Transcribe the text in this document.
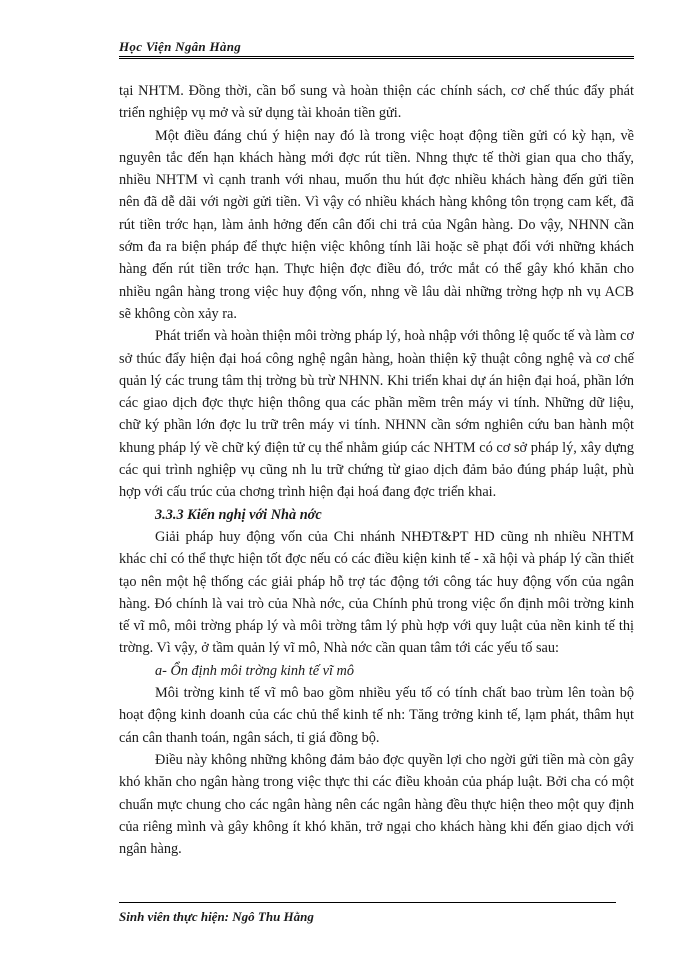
Học Viện Ngân Hàng

tại NHTM. Đồng thời, cần bổ sung và hoàn thiện các chính sách, cơ chế thúc đẩy phát triển nghiệp vụ mở và sử dụng tài khoản tiền gửi.

Một điều đáng chú ý hiện nay đó là trong việc hoạt động tiền gửi có kỳ hạn, về nguyên tắc đến hạn khách hàng mới đợc rút tiền. Nhng thực tế thời gian qua cho thấy, nhiều NHTM vì cạnh tranh với nhau, muốn thu hút đợc nhiều khách hàng đến gửi tiền nên đã dễ dãi với ngời gửi tiền. Vì vậy có nhiều khách hàng không tôn trọng cam kết, đã rút tiền trớc hạn, làm ảnh hởng đến cân đối chi trả của Ngân hàng. Do vậy, NHNN cần sớm đa ra biện pháp để thực hiện việc không tính lãi hoặc sẽ phạt đối với những khách hàng đến rút tiền trớc hạn. Thực hiện đợc điều đó, trớc mắt có thể gây khó khăn cho nhiều ngân hàng trong việc huy động vốn, nhng về lâu dài những trờng hợp nh vụ ACB sẽ không còn xảy ra.

Phát triển và hoàn thiện môi trờng pháp lý, hoà nhập với thông lệ quốc tế và làm cơ sở thúc đẩy hiện đại hoá công nghệ ngân hàng, hoàn thiện kỹ thuật công nghệ và cơ chế quản lý các trung tâm thị trờng bù trừ NHNN. Khi triển khai dự án hiện đại hoá, phần lớn các giao dịch đợc thực hiện thông qua các phần mềm trên máy vi tính. Những dữ liệu, chữ ký phần lớn đợc lu trữ trên máy vi tính. NHNN cần sớm nghiên cứu ban hành một khung pháp lý về chữ ký điện tử cụ thể nhằm giúp các NHTM có cơ sở pháp lý, xây dựng các qui trình nghiệp vụ cũng nh lu trữ chứng từ giao dịch đảm bảo đúng pháp luật, phù hợp với cấu trúc của chơng trình hiện đại hoá đang đợc triển khai.

3.3.3 Kiến nghị với Nhà nớc

Giải pháp huy động vốn của Chi nhánh NHĐT&PT HD cũng nh nhiều NHTM khác chỉ có thể thực hiện tốt đợc nếu có các điều kiện kinh tế - xã hội và pháp lý cần thiết tạo nên một hệ thống các giải pháp hỗ trợ tác động tới công tác huy động vốn của ngân hàng. Đó chính là vai trò của Nhà nớc, của Chính phủ trong việc ổn định môi trờng kinh tế vĩ mô, môi trờng pháp lý và môi trờng tâm lý phù hợp với quy luật của nền kinh tế thị trờng. Vì vậy, ở tầm quản lý vĩ mô, Nhà nớc cần quan tâm tới các yếu tố sau:

a- Ổn định môi trờng kinh tế vĩ mô

Môi trờng kinh tế vĩ mô bao gồm nhiều yếu tố có tính chất bao trùm lên toàn bộ hoạt động kinh doanh của các chủ thể kinh tế nh: Tăng trởng kinh tế, lạm phát, thâm hụt cán cân thanh toán, ngân sách, tỉ giá đồng bộ.

Điều này không những không đảm bảo đợc quyền lợi cho ngời gửi tiền mà còn gây khó khăn cho ngân hàng trong việc thực thi các điều khoản của pháp luật. Bởi cha có một chuẩn mực chung cho các ngân hàng nên các ngân hàng đều thực hiện theo một quy định của riêng mình và gây không ít khó khăn, trở ngại cho khách hàng khi đến giao dịch với ngân hàng.

Sinh viên thực hiện: Ngô Thu Hằng
